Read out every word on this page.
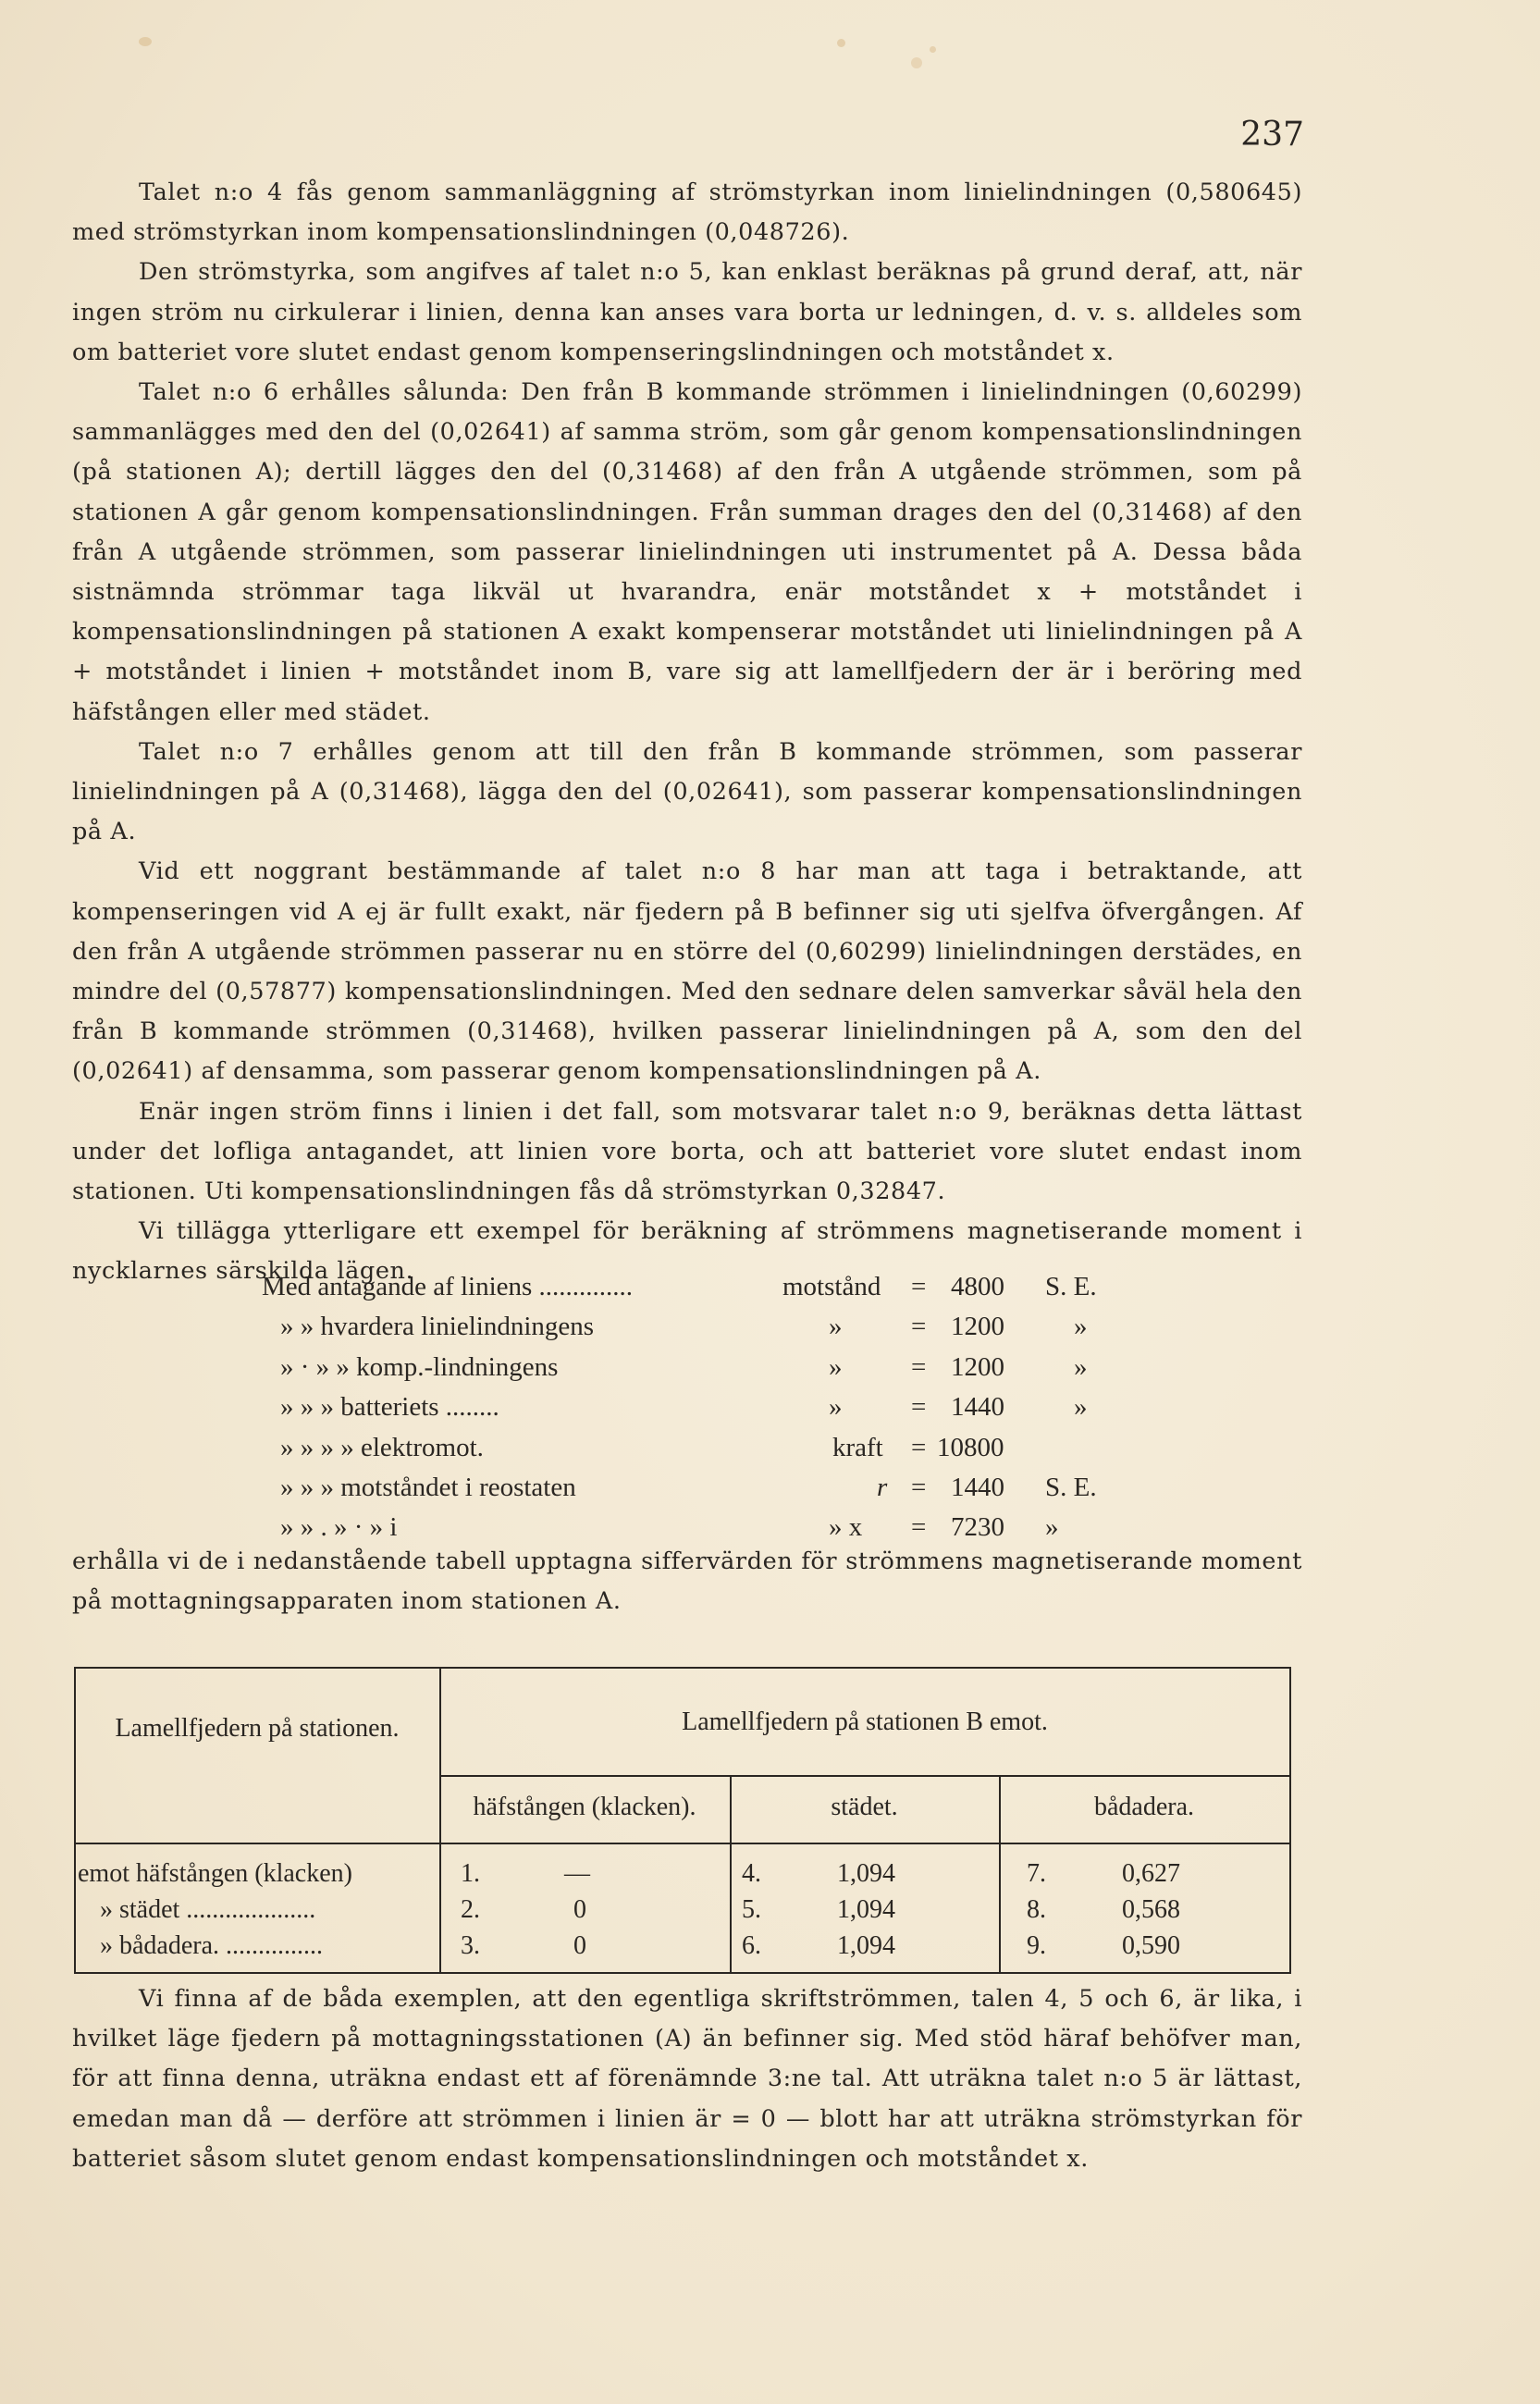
237

Talet n:o 4 fås genom sammanläggning af strömstyrkan inom linielindningen (0,580645) med strömstyrkan inom kompensationslindningen (0,048726).

Den strömstyrka, som angifves af talet n:o 5, kan enklast beräknas på grund deraf, att, när ingen ström nu cirkulerar i linien, denna kan anses vara borta ur ledningen, d. v. s. alldeles som om batteriet vore slutet endast genom kompenseringslindningen och motståndet x.

Talet n:o 6 erhålles sålunda: Den från B kommande strömmen i linielindningen (0,60299) sammanlägges med den del (0,02641) af samma ström, som går genom kompensationslindningen (på stationen A); dertill lägges den del (0,31468) af den från A utgående strömmen, som på stationen A går genom kompensationslindningen. Från summan drages den del (0,31468) af den från A utgående strömmen, som passerar linielindningen uti instrumentet på A. Dessa båda sistnämnda strömmar taga likväl ut hvarandra, enär motståndet x + motståndet i kompensationslindningen på stationen A exakt kompenserar motståndet uti linielindningen på A + motståndet i linien + motståndet inom B, vare sig att lamellfjedern der är i beröring med häfstången eller med städet.

Talet n:o 7 erhålles genom att till den från B kommande strömmen, som passerar linielindningen på A (0,31468), lägga den del (0,02641), som passerar kompensationslindningen på A.

Vid ett noggrant bestämmande af talet n:o 8 har man att taga i betraktande, att kompenseringen vid A ej är fullt exakt, när fjedern på B befinner sig uti sjelfva öfvergången. Af den från A utgående strömmen passerar nu en större del (0,60299) linielindningen derstädes, en mindre del (0,57877) kompensationslindningen. Med den sednare delen samverkar såväl hela den från B kommande strömmen (0,31468), hvilken passerar linielindningen på A, som den del (0,02641) af densamma, som passerar genom kompensationslindningen på A.

Enär ingen ström finns i linien i det fall, som motsvarar talet n:o 9, beräknas detta lättast under det lofliga antagandet, att linien vore borta, och att batteriet vore slutet endast inom stationen. Uti kompensationslindningen fås då strömstyrkan 0,32847.

Vi tillägga ytterligare ett exempel för beräkning af strömmens magnetiserande moment i nycklarnes särskilda lägen.

Med antagande af liniens ..............	motstånd = 4800 S. E.
» » hvardera linielindningens	»	= 1200	»
» · » » komp.-lindningens	»	= 1200	»
» » » batteriets ........	»	= 1440	»
» » » » elektromot.	kraft = 10800
» » » motståndet i reostaten	r = 1440 S. E.
» » . » · » i	» x = 7230 »

erhålla vi de i nedanstående tabell upptagna siffervärden för strömmens magnetiserande moment på mottagningsapparaten inom stationen A.

Lamellfjedern på stationen.	Lamellfjedern på stationen B emot.
häfstången (klacken).	städet.	bådadera.
emot häfstången (klacken)	1.	—	4.	1,094	7.	0,627
» städet ....................	2.	0	5.	1,094	8.	0,568
» bådadera. ...............	3.	0	6.	1,094	9.	0,590

Vi finna af de båda exemplen, att den egentliga skriftströmmen, talen 4, 5 och 6, är lika, i hvilket läge fjedern på mottagningsstationen (A) än befinner sig. Med stöd häraf behöfver man, för att finna denna, uträkna endast ett af förenämnde 3:ne tal. Att uträkna talet n:o 5 är lättast, emedan man då — derföre att strömmen i linien är = 0 — blott har att uträkna strömstyrkan för batteriet såsom slutet genom endast kompensationslindningen och motståndet x.
